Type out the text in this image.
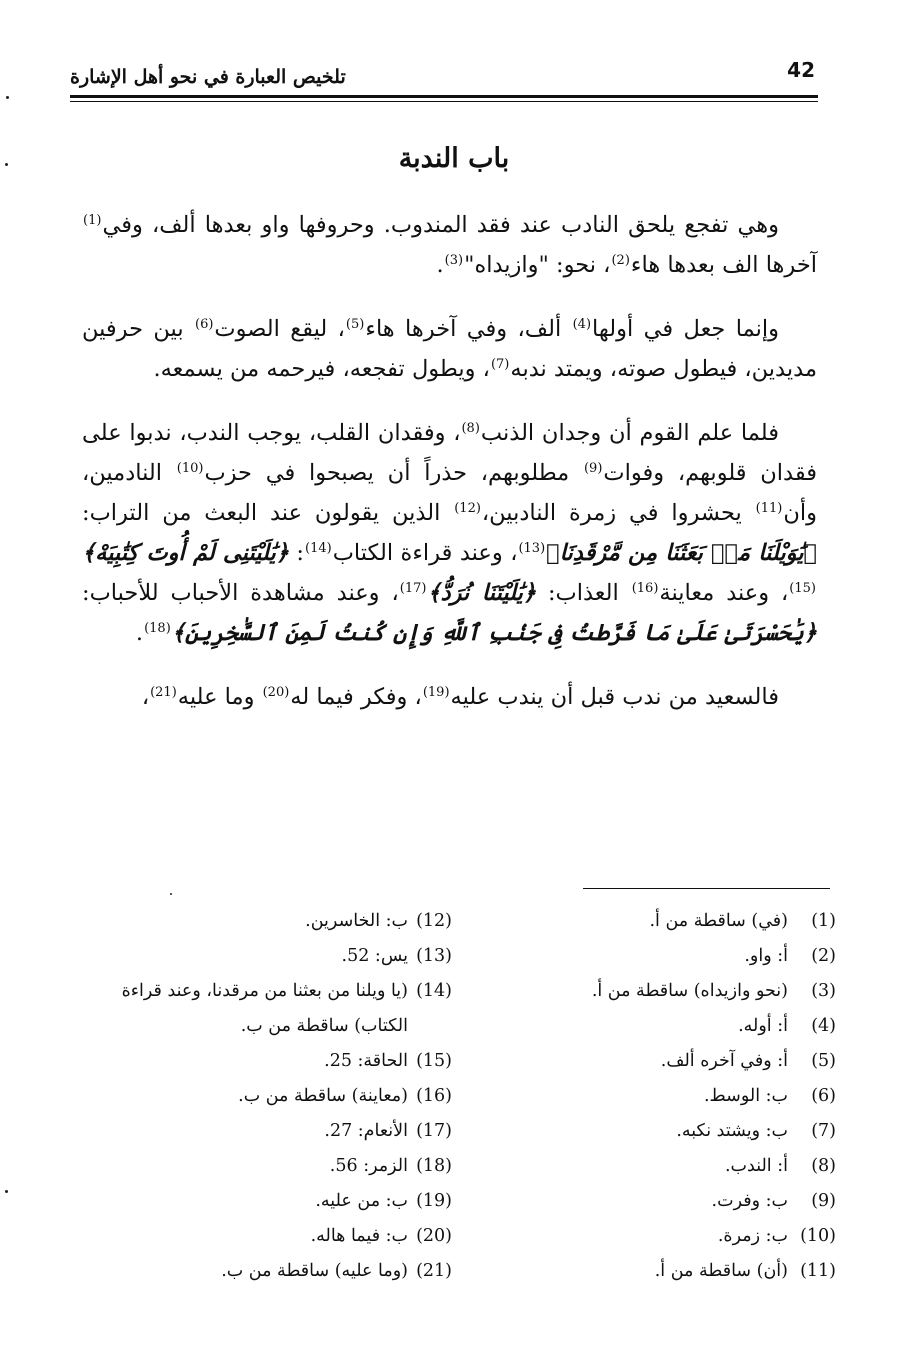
تلخيص العبارة في نحو أهل الإشارة	42
باب الندبة

وهي تفجع يلحق النادب عند فقد المندوب. وحروفها واو بعدها ألف، وفي$^{(1)}$ آخرها الف بعدها هاء$^{(2)}$، نحو: "وازيداه"$^{(3)}$.

وإنما جعل في أولها$^{(4)}$ ألف، وفي آخرها هاء$^{(5)}$، ليقع الصوت$^{(6)}$ بين حرفين مديدين، فيطول صوته، ويمتد ندبه$^{(7)}$، ويطول تفجعه، فيرحمه من يسمعه.

فلما علم القوم أن وجدان الذنب$^{(8)}$، وفقدان القلب، يوجب الندب، ندبوا على فقدان قلوبهم، وفوات$^{(9)}$ مطلوبهم، حذراً أن يصبحوا في حزب$^{(10)}$ النادمين، وأن$^{(11)}$ يحشروا في زمرة النادبين،$^{(12)}$ الذين يقولون عند البعث من التراب: ﴿يَٰوَيْلَنَا مَنۢ بَعَثَنَا مِن مَّرْقَدِنَا﴾$^{(13)}$، وعند قراءة الكتاب$^{(14)}$: ﴿يَٰلَيْتَنِى لَمْ أُوتَ كِتَٰبِيَهْ﴾$^{(15)}$، وعند معاينة$^{(16)}$ العذاب: ﴿يَٰلَيْتَنَا نُرَدُّ﴾$^{(17)}$، وعند مشاهدة الأحباب للأحباب: ﴿يَٰحَسْرَتَىٰ عَلَىٰ مَا فَرَّطتُ فِى جَنۢبِ ٱللَّهِ وَإِن كُنتُ لَمِنَ ٱلسَّٰخِرِينَ﴾$^{(18)}$.

فالسعيد من ندب قبل أن يندب عليه$^{(19)}$، وفكر فيما له$^{(20)}$ وما عليه$^{(21)}$،

(1)
(في) ساقطة من أ.
(2)
أ: واو.
(3)
(نحو وازيداه) ساقطة من أ.
(4)
أ: أوله.
(5)
أ: وفي آخره ألف.
(6)
ب: الوسط.
(7)
ب: ويشتد نكبه.
(8)
أ: الندب.
(9)
ب: وفرت.
(10)
ب: زمرة.
(11)
(أن) ساقطة من أ.
(12)
ب: الخاسرين.
(13)
يس: 52.
(14)
(يا ويلنا من بعثنا من مرقدنا، وعند قراءة الكتاب) ساقطة من ب.
(15)
الحاقة: 25.
(16)
(معاينة) ساقطة من ب.
(17)
الأنعام: 27.
(18)
الزمر: 56.
(19)
ب: من عليه.
(20)
ب: فيما هاله.
(21)
(وما عليه) ساقطة من ب.
